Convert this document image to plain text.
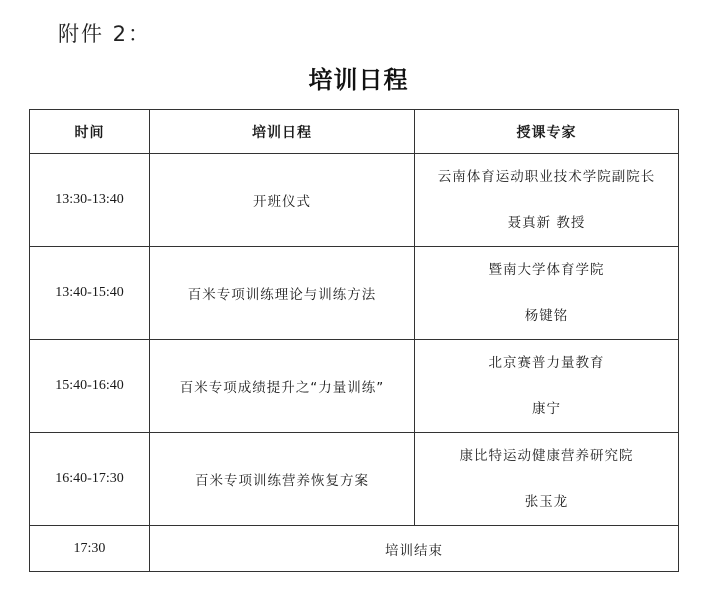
附件 2：
培训日程
时间	培训日程	授课专家
13:30-13:40	开班仪式	云南体育运动职业技术学院副院长
聂真新 教授

13:40-15:40	百米专项训练理论与训练方法	暨南大学体育学院
杨键铭

15:40-16:40	百米专项成绩提升之“力量训练”	北京赛普力量教育
康宁

16:40-17:30	百米专项训练营养恢复方案	康比特运动健康营养研究院
张玉龙

17:30	培训结束	
